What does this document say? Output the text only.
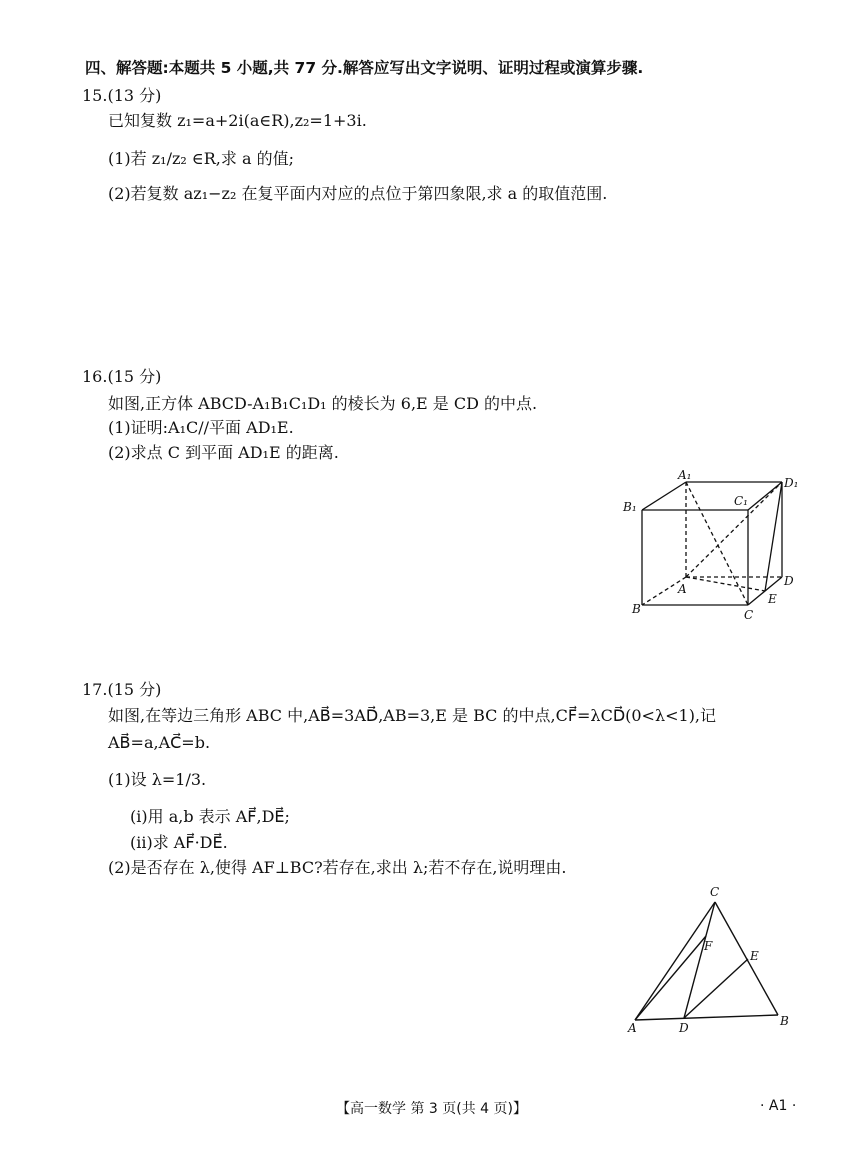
四、解答题:本题共 5 小题,共 77 分.解答应写出文字说明、证明过程或演算步骤.
15.(13 分)
已知复数 z₁=a+2i(a∈R),z₂=1+3i.
(1)若 z₁/z₂ ∈R,求 a 的值;
(2)若复数 az₁−z₂ 在复平面内对应的点位于第四象限,求 a 的取值范围.
16.(15 分)
如图,正方体 ABCD-A₁B₁C₁D₁ 的棱长为 6,E 是 CD 的中点.
(1)证明:A₁C//平面 AD₁E.
(2)求点 C 到平面 AD₁E 的距离.
A₁
D₁
B₁	C₁
A
D
E
B	C
17.(15 分)
如图,在等边三角形 ABC 中,AB⃗=3AD⃗,AB=3,E 是 BC 的中点,CF⃗=λCD⃗(0<λ<1),记
AB⃗=a,AC⃗=b.
(1)设 λ=1/3.
(ⅰ)用 a,b 表示 AF⃗,DE⃗;
(ⅱ)求 AF⃗·DE⃗.
(2)是否存在 λ,使得 AF⊥BC?若存在,求出 λ;若不存在,说明理由.
C
F
E
A	D	B
【高一数学 第 3 页(共 4 页)】	· A1 ·
